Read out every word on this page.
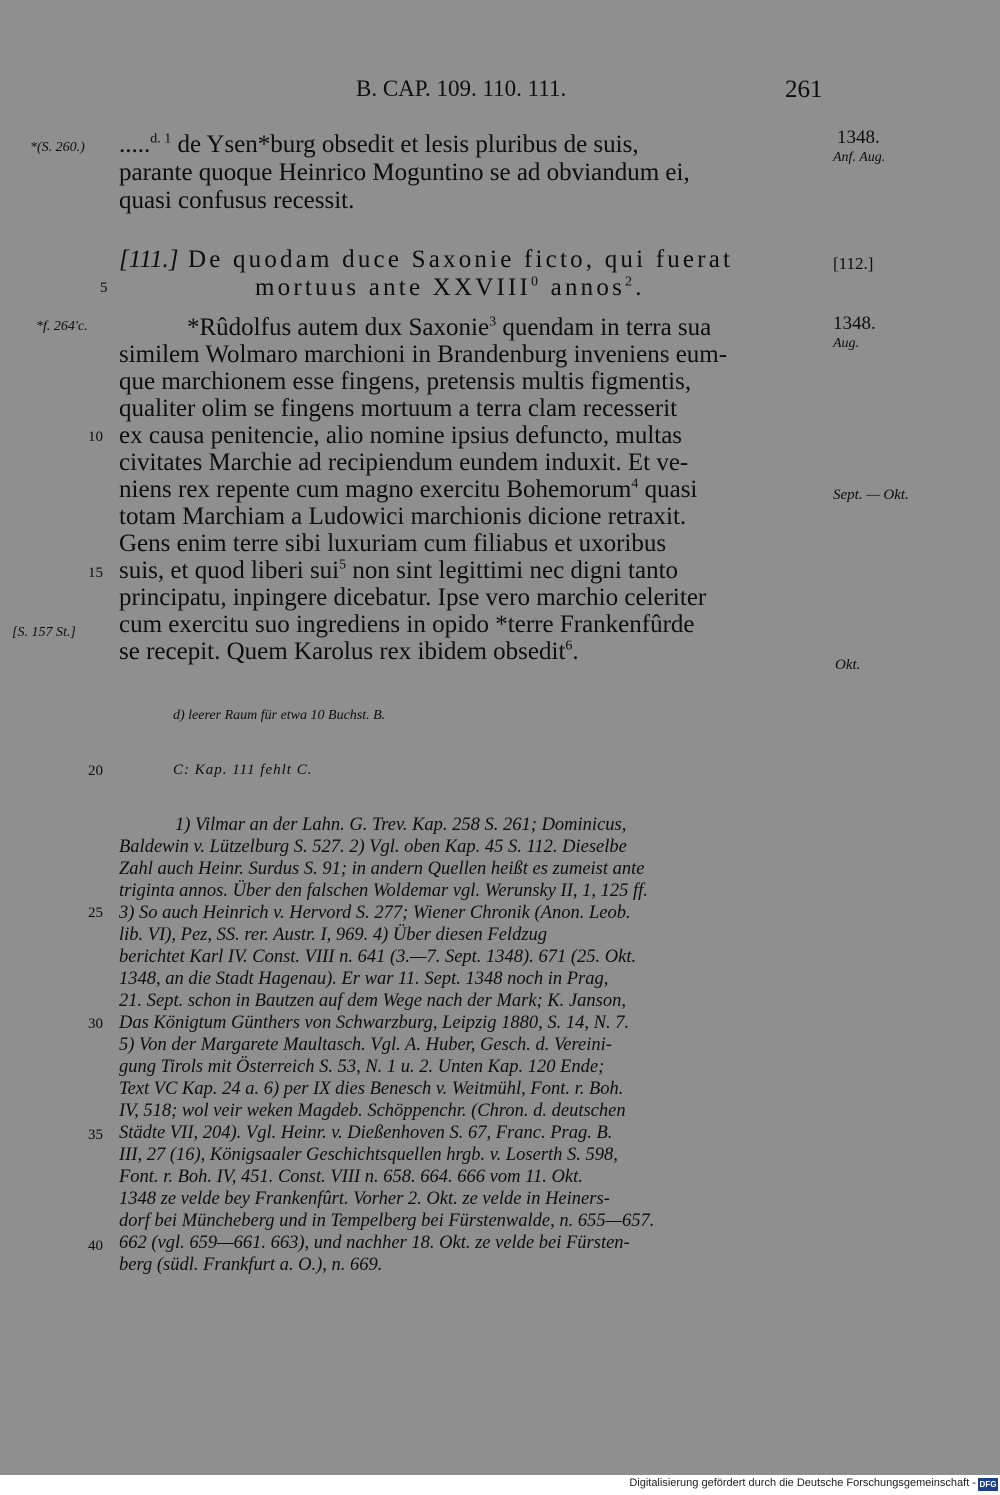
B. CAP. 109. 110. 111.	261
*(S. 260.) .....$^{d. 1}$ de Ysen*burg obsedit et lesis pluribus de suis,
parante quoque Heinrico Moguntino se ad obviandum ei,
quasi confusus recessit.
1348.
Anf. Aug.
[111.] De quodam duce Saxonie ficto, qui fuerat
mortuus ante XXVIII$^0$ annos$^2$.
[112.]
*f. 264'c.	1348.
Aug.
Sept. — Okt.
[S. 157 St.]
Okt.
*Rûdolfus autem dux Saxonie$^3$ quendam in terra sua
similem Wolmaro marchioni in Brandenburg inveniens eum-
que marchionem esse fingens, pretensis multis figmentis,
qualiter olim se fingens mortuum a terra clam recesserit
ex causa penitencie, alio nomine ipsius defuncto, multas
civitates Marchie ad recipiendum eundem induxit. Et ve-
niens rex repente cum magno exercitu Bohemorum$^4$ quasi
totam Marchiam a Ludowici marchionis dicione retraxit.
Gens enim terre sibi luxuriam cum filiabus et uxoribus
suis, et quod liberi sui$^5$ non sint legittimi nec digni tanto
principatu, inpingere dicebatur. Ipse vero marchio celeriter
cum exercitu suo ingrediens in opido *terre Frankenfûrde
se recepit. Quem Karolus rex ibidem obsedit$^6$.
5
10
15
20
25
30
35
40
d) leerer Raum für etwa 10 Buchst. B.
C: Kap. 111 fehlt C.
1) Vilmar an der Lahn. G. Trev. Kap. 258 S. 261; Dominicus,
Baldewin v. Lützelburg S. 527. 2) Vgl. oben Kap. 45 S. 112. Dieselbe
Zahl auch Heinr. Surdus S. 91; in andern Quellen heißt es zumeist ante
triginta annos. Über den falschen Woldemar vgl. Werunsky II, 1, 125 ff.
3) So auch Heinrich v. Hervord S. 277; Wiener Chronik (Anon. Leob.
lib. VI), Pez, SS. rer. Austr. I, 969. 4) Über diesen Feldzug
berichtet Karl IV. Const. VIII n. 641 (3.—7. Sept. 1348). 671 (25. Okt.
1348, an die Stadt Hagenau). Er war 11. Sept. 1348 noch in Prag,
21. Sept. schon in Bautzen auf dem Wege nach der Mark; K. Janson,
Das Königtum Günthers von Schwarzburg, Leipzig 1880, S. 14, N. 7.
5) Von der Margarete Maultasch. Vgl. A. Huber, Gesch. d. Vereini-
gung Tirols mit Österreich S. 53, N. 1 u. 2. Unten Kap. 120 Ende;
Text VC Kap. 24 a. 6) per IX dies Benesch v. Weitmühl, Font. r. Boh.
IV, 518; wol veir weken Magdeb. Schöppenchr. (Chron. d. deutschen
Städte VII, 204). Vgl. Heinr. v. Dießenhoven S. 67, Franc. Prag. B.
III, 27 (16), Königsaaler Geschichtsquellen hrgb. v. Loserth S. 598,
Font. r. Boh. IV, 451. Const. VIII n. 658. 664. 666 vom 11. Okt.
1348 ze velde bey Frankenfûrt. Vorher 2. Okt. ze velde in Heiners-
dorf bei Müncheberg und in Tempelberg bei Fürstenwalde, n. 655—657.
662 (vgl. 659—661. 663), und nachher 18. Okt. ze velde bei Fürsten-
berg (südl. Frankfurt a. O.), n. 669.
Digitalisierung gefördert durch die Deutsche Forschungsgemeinschaft - DFG
